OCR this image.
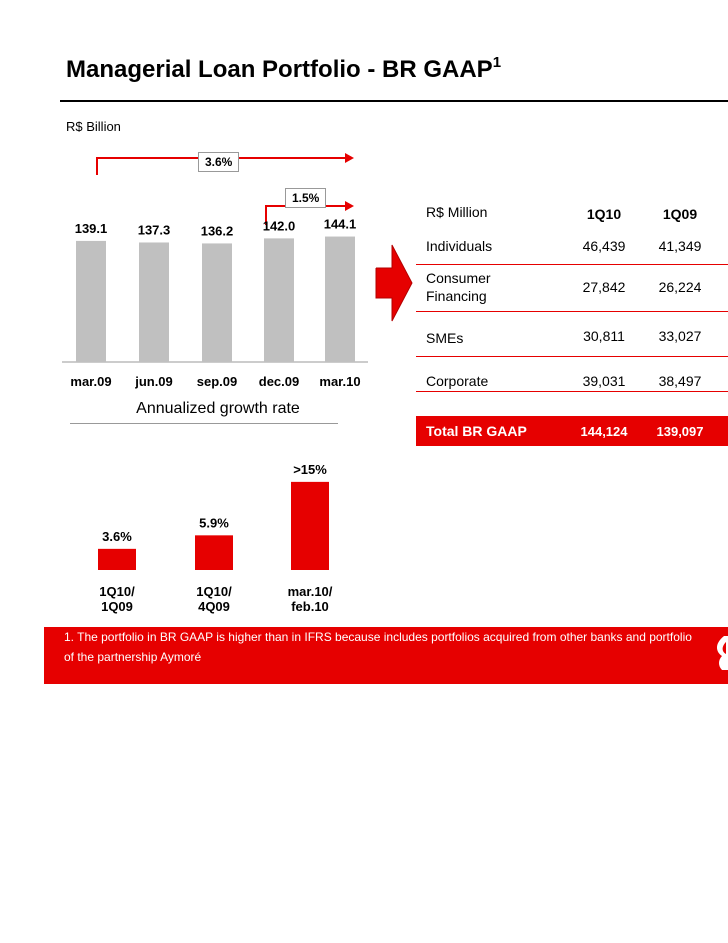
Managerial Loan Portfolio - BR GAAP$^1$
R$ Billion
3.6%
1.5%
139.1
mar.09
137.3
jun.09
136.2
sep.09
142.0
dec.09
144.1
mar.10
R$ Million	1Q10	1Q09
Individuals	46,439	41,349
Consumer
Financing
27,842	26,224
SMEs	30,811	33,027
Corporate	39,031	38,497
Total BR GAAP	144,124	139,097
Annualized growth rate
3.6%
1Q10/
1Q09
5.9%
1Q10/
4Q09
>15%
mar.10/
feb.10
1. The portfolio in BR GAAP is higher than in IFRS because includes portfolios acquired from other banks and portfolio
of the partnership Aymoré
